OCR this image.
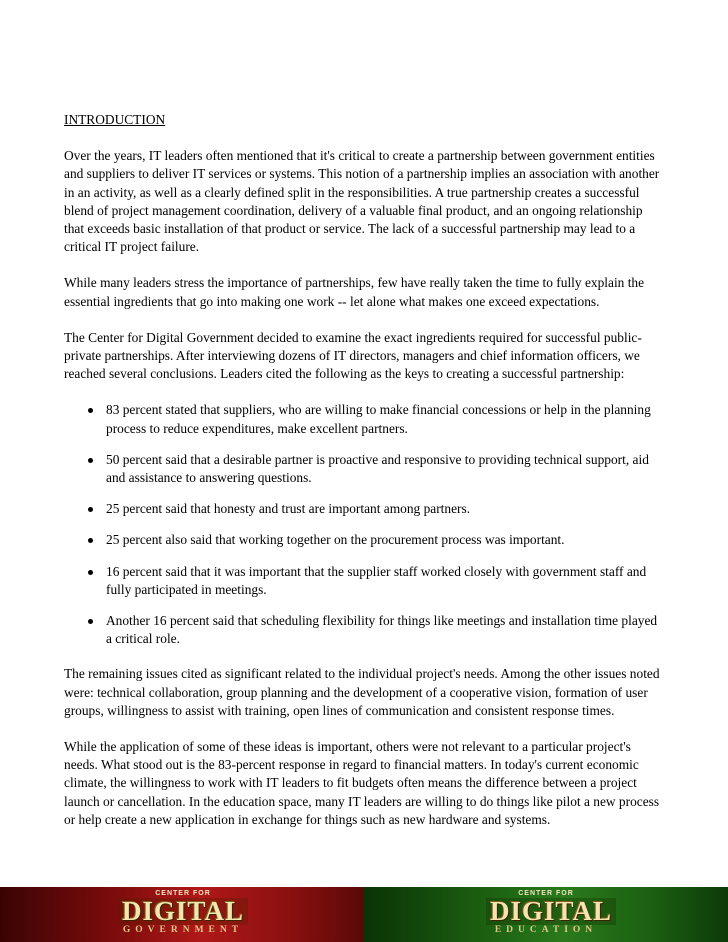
INTRODUCTION

Over the years, IT leaders often mentioned that it's critical to create a partnership between government entities and suppliers to deliver IT services or systems. This notion of a partnership implies an association with another in an activity, as well as a clearly defined split in the responsibilities. A true partnership creates a successful blend of project management coordination, delivery of a valuable final product, and an ongoing relationship that exceeds basic installation of that product or service. The lack of a successful partnership may lead to a critical IT project failure.

While many leaders stress the importance of partnerships, few have really taken the time to fully explain the essential ingredients that go into making one work -- let alone what makes one exceed expectations.

The Center for Digital Government decided to examine the exact ingredients required for successful public-private partnerships. After interviewing dozens of IT directors, managers and chief information officers, we reached several conclusions. Leaders cited the following as the keys to creating a successful partnership:

83 percent stated that suppliers, who are willing to make financial concessions or help in the planning process to reduce expenditures, make excellent partners.
50 percent said that a desirable partner is proactive and responsive to providing technical support, aid and assistance to answering questions.
25 percent said that honesty and trust are important among partners.
25 percent also said that working together on the procurement process was important.
16 percent said that it was important that the supplier staff worked closely with government staff and fully participated in meetings.
Another 16 percent said that scheduling flexibility for things like meetings and installation time played a critical role.

The remaining issues cited as significant related to the individual project's needs. Among the other issues noted were: technical collaboration, group planning and the development of a cooperative vision, formation of user groups, willingness to assist with training, open lines of communication and consistent response times.

While the application of some of these ideas is important, others were not relevant to a particular project's needs. What stood out is the 83-percent response in regard to financial matters. In today's current economic climate, the willingness to work with IT leaders to fit budgets often means the difference between a project launch or cancellation. In the education space, many IT leaders are willing to do things like pilot a new process or help create a new application in exchange for things such as new hardware and systems.

CENTER FOR
DIGITAL
GOVERNMENT
CENTER FOR
DIGITAL
EDUCATION
